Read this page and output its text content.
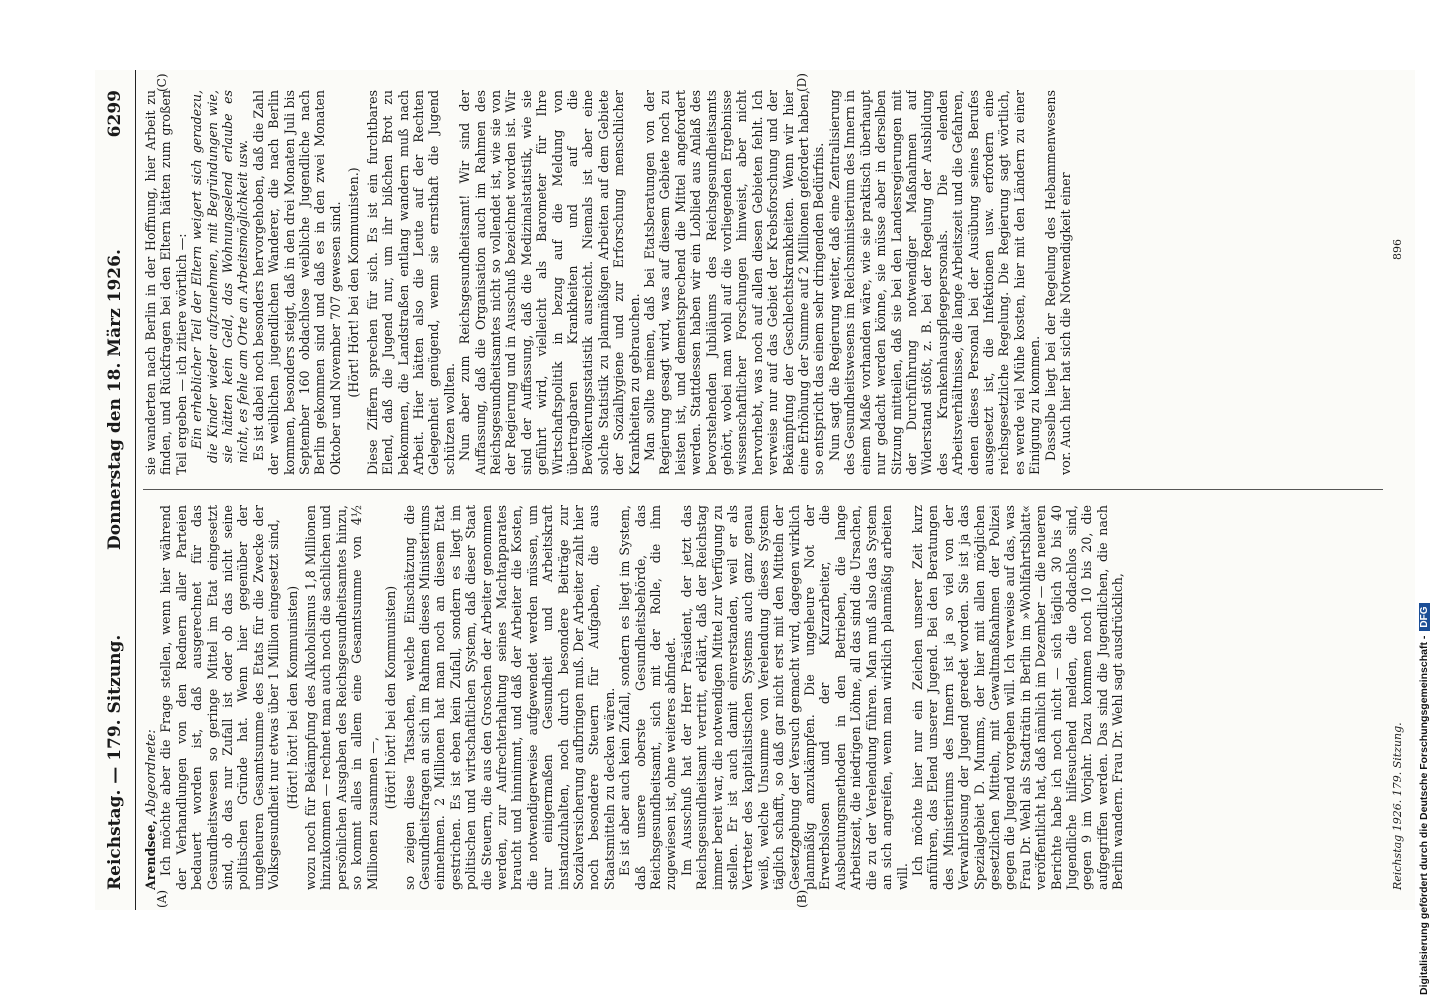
Reichstag. — 179. Sitzung.
Donnerstag den 18. März 1926.
6299
(A)	(B)
(C)	(D)

Arendsee, Abgeordnete: Ich möchte aber die Frage stellen, wenn hier während der Verhandlungen von den Rednern aller Parteien bedauert worden ist, daß ausgerechnet für das Gesundheitswesen so geringe Mittel im Etat eingesetzt sind, ob das nur Zufall ist oder ob das nicht seine politischen Gründe hat. Wenn hier gegenüber der ungeheuren Gesamtsumme des Etats für die Zwecke der Volksgesundheit nur etwas über 1 Million eingesetzt sind, (Hört! hört! bei den Kommunisten) wozu noch für Bekämpfung des Alkoholismus 1,8 Millionen hinzukommen — rechnet man auch noch die sachlichen und persönlichen Ausgaben des Reichsgesundheitsamtes hinzu, so kommt alles in allem eine Gesamtsumme von 4½ Millionen zusammen —,

(Hört! hört! bei den Kommunisten) so zeigen diese Tatsachen, welche Einschätzung die Gesundheitsfragen an sich im Rahmen dieses Ministeriums einnehmen. 2 Millionen hat man noch an diesem Etat gestrichen. Es ist eben kein Zufall, sondern es liegt im politischen und wirtschaftlichen System, daß dieser Staat die Steuern, die aus den Groschen der Arbeiter genommen werden, zur Aufrechterhaltung seines Machtapparates braucht und hinnimmt, und daß der Arbeiter die Kosten, die notwendigerweise aufgewendet werden müssen, um nur einigermaßen Gesundheit und Arbeitskraft instandzuhalten, noch durch besondere Beiträge zur Sozialversicherung aufbringen muß. Der Arbeiter zahlt hier noch besondere Steuern für Aufgaben, die aus Staatsmitteln zu decken wären. Es ist aber auch kein Zufall, sondern es liegt im System, daß unsere oberste Gesundheitsbehörde, das Reichsgesundheitsamt, sich mit der Rolle, die ihm zugewiesen ist, ohne weiteres abfindet. Im Ausschuß hat der Herr Präsident, der jetzt das Reichsgesundheitsamt vertritt, erklärt, daß der Reichstag immer bereit war, die notwendigen Mittel zur Verfügung zu stellen. Er ist auch damit einverstanden, weil er als Vertreter des kapitalistischen Systems auch ganz genau weiß, welche Unsumme von Verelendung dieses System täglich schafft, so daß gar nicht erst mit den Mitteln der Gesetzgebung der Versuch gemacht wird, dagegen wirklich planmäßig anzukämpfen. Die ungeheure Not der Erwerbslosen und der Kurzarbeiter, die Ausbeutungsmethoden in den Betrieben, die lange Arbeitszeit, die niedrigen Löhne, all das sind die Ursachen, die zu der Verelendung führen. Man muß also das System an sich angreifen, wenn man wirklich planmäßig arbeiten will.

Ich möchte hier nur ein Zeichen unserer Zeit kurz anführen, das Elend unserer Jugend. Bei den Beratungen des Ministeriums des Innern ist ja so viel von der Verwahrlosung der Jugend geredet worden. Sie ist ja das Spezialgebiet D. Mumms, der hier mit allen möglichen gesetzlichen Mitteln, mit Gewaltmaßnahmen der Polizei gegen die Jugend vorgehen will. Ich verweise auf das, was Frau Dr. Wehl als Stadträtin in Berlin im »Wohlfahrtsblatt« veröffentlicht hat, daß nämlich im Dezember — die neueren Berichte habe ich noch nicht — sich täglich 30 bis 40 Jugendliche hilfesuchend melden, die obdachlos sind, gegen 9 im Vorjahr. Dazu kommen noch 10 bis 20, die aufgegriffen werden. Das sind die Jugendlichen, die nach Berlin wandern. Frau Dr. Wehl sagt ausdrücklich,

sie wanderten nach Berlin in der Hoffnung, hier Arbeit zu finden, und Rückfragen bei den Eltern hätten zum großen Teil ergeben — ich zitiere wörtlich —: Ein erheblicher Teil der Eltern weigert sich geradezu, die Kinder wieder aufzunehmen, mit Begründungen wie, sie hätten kein Geld, das Wohnungselend erlaube es nicht, es fehle am Orte an Arbeitsmöglichkeit usw. Es ist dabei noch besonders hervorgehoben, daß die Zahl der weiblichen jugendlichen Wanderer, die nach Berlin kommen, besonders steigt, daß in den drei Monaten Juli bis September 160 obdachlose weibliche Jugendliche nach Berlin gekommen sind und daß es in den zwei Monaten Oktober und November 707 gewesen sind. (Hört! Hört! bei den Kommunisten.) Diese Ziffern sprechen für sich. Es ist ein furchtbares Elend, daß die Jugend nur, um ihr bißchen Brot zu bekommen, die Landstraßen entlang wandern muß nach Arbeit. Hier hätten also die Leute auf der Rechten Gelegenheit genügend, wenn sie ernsthaft die Jugend schützen wollten. Nun aber zum Reichsgesundheitsamt! Wir sind der Auffassung, daß die Organisation auch im Rahmen des Reichsgesundheitsamtes nicht so vollendet ist, wie sie von der Regierung und in Ausschuß bezeichnet worden ist. Wir sind der Auffassung, daß die Medizinalstatistik, wie sie geführt wird, vielleicht als Barometer für Ihre Wirtschaftspolitik in bezug auf die Meldung von übertragbaren Krankheiten und auf die Bevölkerungsstatistik ausreicht. Niemals ist aber eine solche Statistik zu planmäßigen Arbeiten auf dem Gebiete der Sozialhygiene und zur Erforschung menschlicher Krankheiten zu gebrauchen. Man sollte meinen, daß bei Etatsberatungen von der Regierung gesagt wird, was auf diesem Gebiete noch zu leisten ist, und dementsprechend die Mittel angefordert werden. Stattdessen haben wir ein Loblied aus Anlaß des bevorstehenden Jubiläums des Reichsgesundheitsamts gehört, wobei man wohl auf die vorliegenden Ergebnisse wissenschaftlicher Forschungen hinweist, aber nicht hervorhebt, was noch auf allen diesen Gebieten fehlt. Ich verweise nur auf das Gebiet der Krebsforschung und der Bekämpfung der Geschlechtskrankheiten. Wenn wir hier eine Erhöhung der Summe auf 2 Millionen gefordert haben, so entspricht das einem sehr dringenden Bedürfnis. Nun sagt die Regierung weiter, daß eine Zentralisierung des Gesundheitswesens im Reichsministerium des Innern in einem Maße vorhanden wäre, wie sie praktisch überhaupt nur gedacht werden könne, sie müsse aber in derselben Sitzung mitteilen, daß sie bei den Landesregierungen mit der Durchführung notwendiger Maßnahmen auf Widerstand stößt, z. B. bei der Regelung der Ausbildung des Krankenhauspflegepersonals. Die elenden Arbeitsverhältnisse, die lange Arbeitszeit und die Gefahren, denen dieses Personal bei der Ausübung seines Berufes ausgesetzt ist, die Infektionen usw. erfordern eine reichsgesetzliche Regelung. Die Regierung sagt wörtlich, es werde viel Mühe kosten, hier mit den Ländern zu einer Einigung zu kommen. Dasselbe liegt bei der Regelung des Hebammenwesens vor. Auch hier hat sich die Notwendigkeit einer

Reichstag 1926. 179. Sitzung.
896
Digitalisierung gefördert durch die Deutsche Forschungsgemeinschaft -DFG
